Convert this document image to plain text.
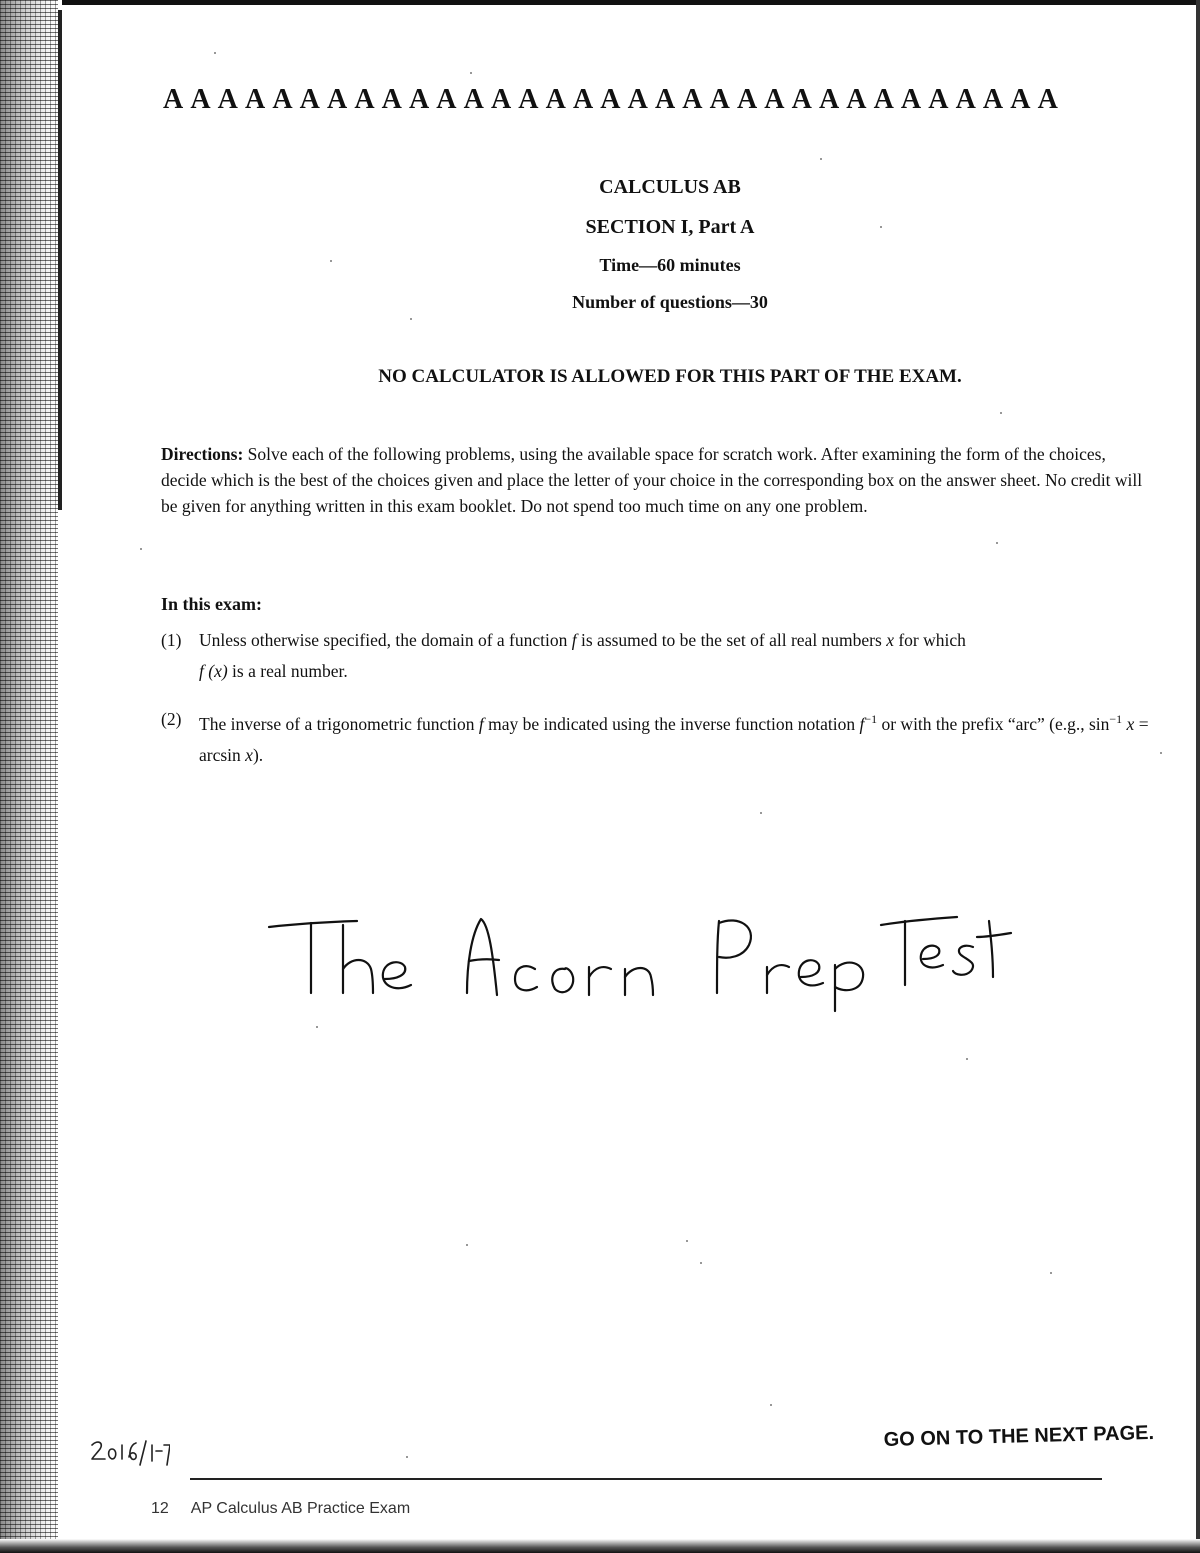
A A A A A A A A A A A A A A A A A A A A A A A A A A A A A A A A A
CALCULUS AB
SECTION I, Part A
Time—60 minutes
Number of questions—30
NO CALCULATOR IS ALLOWED FOR THIS PART OF THE EXAM.
Directions: Solve each of the following problems, using the available space for scratch work. After examining the form of the choices, decide which is the best of the choices given and place the letter of your choice in the corresponding box on the answer sheet. No credit will be given for anything written in this exam booklet. Do not spend too much time on any one problem.
In this exam:
(1) Unless otherwise specified, the domain of a function f is assumed to be the set of all real numbers x for which
f (x) is a real number.
(2) The inverse of a trigonometric function f may be indicated using the inverse function notation $f^{-1}$ or with the prefix “arc” (e.g., $\sin^{-1} x = \arcsin x$).
GO ON TO THE NEXT PAGE.
12 AP Calculus AB Practice Exam
